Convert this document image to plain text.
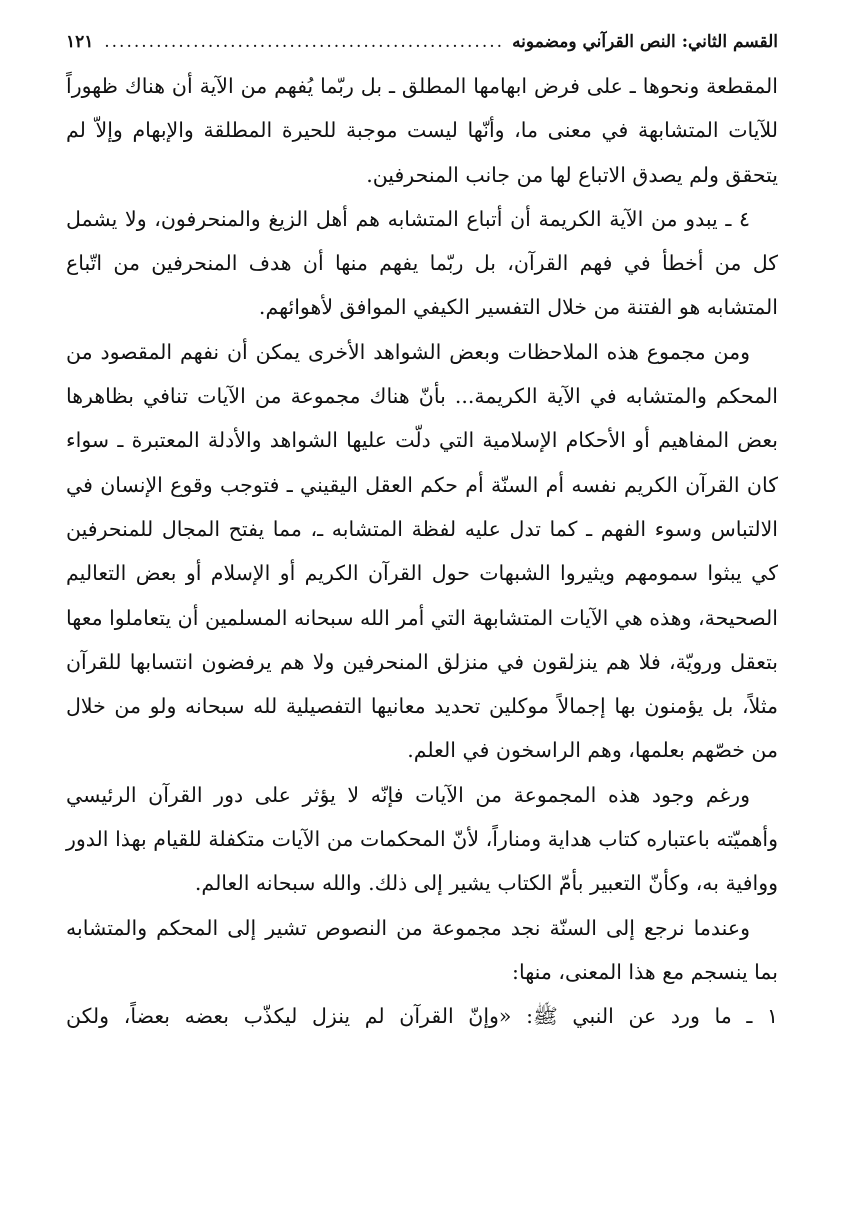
القسم الثاني: النص القرآني ومضمونه
.....
١٢١

المقطعة ونحوها ـ على فرض ابهامها المطلق ـ بل ربّما يُفهم من الآية أن هناك ظهوراً للآيات المتشابهة في معنى ما، وأنّها ليست موجبة للحيرة المطلقة والإبهام وإلاّ لم يتحقق ولم يصدق الاتباع لها من جانب المنحرفين.

٤ ـ يبدو من الآية الكريمة أن أتباع المتشابه هم أهل الزيغ والمنحرفون، ولا يشمل كل من أخطأ في فهم القرآن، بل ربّما يفهم منها أن هدف المنحرفين من اتّباع المتشابه هو الفتنة من خلال التفسير الكيفي الموافق لأهوائهم.

ومن مجموع هذه الملاحظات وبعض الشواهد الأخرى يمكن أن نفهم المقصود من المحكم والمتشابه في الآية الكريمة... بأنّ هناك مجموعة من الآيات تنافي بظاهرها بعض المفاهيم أو الأحكام الإسلامية التي دلّت عليها الشواهد والأدلة المعتبرة ـ سواء كان القرآن الكريم نفسه أم السنّة أم حكم العقل اليقيني ـ فتوجب وقوع الإنسان في الالتباس وسوء الفهم ـ كما تدل عليه لفظة المتشابه ـ، مما يفتح المجال للمنحرفين كي يبثوا سمومهم ويثيروا الشبهات حول القرآن الكريم أو الإسلام أو بعض التعاليم الصحيحة، وهذه هي الآيات المتشابهة التي أمر الله سبحانه المسلمين أن يتعاملوا معها بتعقل ورويّة، فلا هم ينزلقون في منزلق المنحرفين ولا هم يرفضون انتسابها للقرآن مثلاً، بل يؤمنون بها إجمالاً موكلين تحديد معانيها التفصيلية لله سبحانه ولو من خلال من خصّهم بعلمها، وهم الراسخون في العلم.

ورغم وجود هذه المجموعة من الآيات فإنّه لا يؤثر على دور القرآن الرئيسي وأهميّته باعتباره كتاب هداية ومناراً، لأنّ المحكمات من الآيات متكفلة للقيام بهذا الدور ووافية به، وكأنّ التعبير بأمّ الكتاب يشير إلى ذلك. والله سبحانه العالم.

وعندما نرجع إلى السنّة نجد مجموعة من النصوص تشير إلى المحكم والمتشابه بما ينسجم مع هذا المعنى، منها:

١ ـ ما ورد عن النبي ﷺ: «وإنّ القرآن لم ينزل ليكذّب بعضه بعضاً، ولكن
